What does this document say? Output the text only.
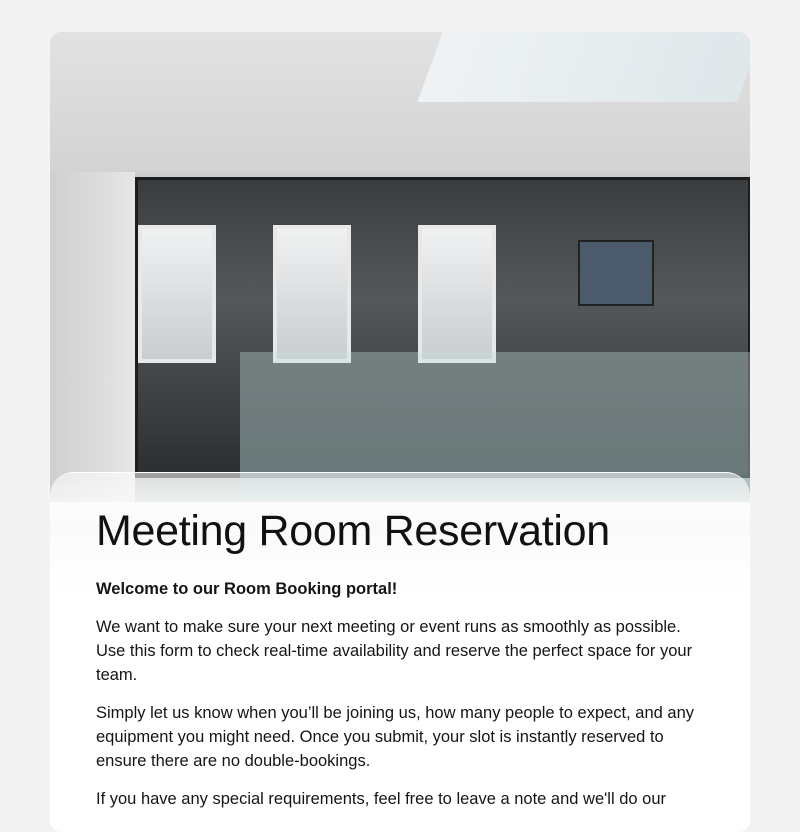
Meeting Room Reservation

Welcome to our Room Booking portal!

We want to make sure your next meeting or event runs as smoothly as possible. Use this form to check real-time availability and reserve the perfect space for your team.

Simply let us know when you’ll be joining us, how many people to expect, and any equipment you might need. Once you submit, your slot is instantly reserved to ensure there are no double-bookings.

If you have any special requirements, feel free to leave a note and we'll do our
